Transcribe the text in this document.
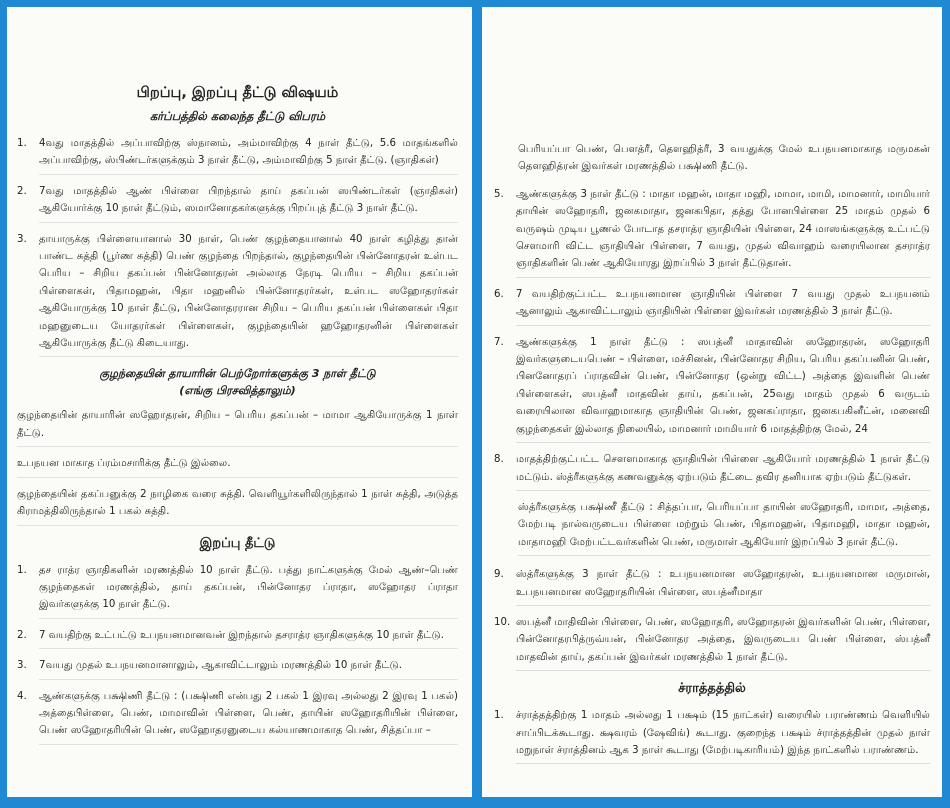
பிறப்பு, இறப்பு தீட்டு விஷயம்
கர்ப்பத்தில் கலைந்த தீட்டு விபரம்
1.	4வது மாதத்தில் அப்பாவிற்கு ஸ்நானம், அம்மாவிற்கு 4 நாள் தீட்டு, 5.6 மாதங்களில் அப்பாவிற்கு, ஸ்பிண்டர்களுக்கும் 3 நாள் தீட்டு, அம்மாவிற்கு 5 நாள் தீட்டு. (ஞாதிகள்)
2.	7வது மாதத்தில் ஆண் பிள்ளை பிறந்தால் தாய் தகப்பன் ஸபிண்டர்கள் (ஞாதிகள்) ஆகியோர்க்கு 10 நாள் தீட்டும், ஸமானோதகர்களுக்கு பிறப்புத் தீட்டு 3 நாள் தீட்டு.
3.	தாயாருக்கு பிள்ளையானால் 30 நாள், பெண் குழந்தையானால் 40 நாள் கழித்து தான் பாண்ட சுத்தி (பூர்ண சுத்தி) பெண் குழந்தை பிறந்தால், குழந்தையின் பின்னோதரன் உள்பட பெரிய – சிறிய தகப்பன் பின்னோதரன் அல்லாத நேரடி பெரிய – சிறிய தகப்பன் பிள்ளைகள், பிதாமஹன், பிதா மஹனில் பின்னோதரர்கள், உள்பட ஸஹோதரர்கள் ஆகியோருக்கு 10 நாள் தீட்டு, பின்னோதரரான சிறிய – பெரிய தகப்பன் பிள்ளைகள் பிதா மஹனுடைய யோதரர்கள் பிள்ளைகள், குழந்தையின் ஹஹோதரனின் பிள்ளைகள் ஆகியோருக்கு தீட்டு கிடையாது.
குழந்தையின் தாயாரின் பெற்றோர்களுக்கு 3 நாள் தீட்டு
(எங்கு பிரசவித்தாலும்)
குழந்தையின் தாயாரின் ஸஹோதரன், சிறிய – பெரிய தகப்பன் – மாமா ஆகியோருக்கு 1 நாள் தீட்டு.
உபநயன மாகாத ப்ரம்மசாரிக்கு தீட்டு இல்லை.
குழந்தையின் தகப்பனுக்கு 2 நாழிகை வரை சுத்தி. வெளியூர்களிலிருந்தால் 1 நாள் சுத்தி, அடுத்த கிராமத்திலிருந்தால் 1 பகல் சுத்தி.
இறப்பு தீட்டு
1.	தச ராத்ர ஞாதிகளின் மரணத்தில் 10 நாள் தீட்டு. பத்து நாட்களுக்கு மேல் ஆண்–பெண் குழந்தைகள் மரணத்தில், தாய் தகப்பன், பின்னோதர ப்ராதா, ஸஹோதர ப்ராதா இவர்களுக்கு 10 நாள் தீட்டு.
2.	7 வயதிற்கு உட்பட்டு உபநயனமானவன் இறந்தால் தசராத்ர ஞாதிகளுக்கு 10 நாள் தீட்டு.
3.	7வயது முதல் உபநயனமானாலும், ஆகாவிட்டாலும் மரணத்தில் 10 நாள் தீட்டு.
4.	ஆண்களுக்கு பக்ஷிணி தீட்டு : (பக்ஷிணி என்பது 2 பகல் 1 இரவு அல்லது 2 இரவு 1 பகல்) அத்தைபிள்ளை, பெண், மாமாவின் பிள்ளை, பெண், தாயின் ஸஹோதரியின் பிள்ளை, பெண் ஸஹோதரியின் பெண், ஸஹோதரனுடைய கல்யாணமாகாத பெண், சித்தப்பா –
பெரியப்பா பெண், பௌத்ரீ, தௌஹித்ரீ, 3 வயதுக்கு மேல் உபநயனமாகாத மருமகன் தௌஹித்ரன் இவர்கள் மரணத்தில் பக்ஷிணி தீட்டு.
5.	ஆண்களுக்கு 3 நாள் தீட்டு : மாதா மஹன், மாதா மஹி, மாமா, மாமி, மாமனார், மாமியார் தாயின் ஸஹோதரி, ஜனகமாதா, ஜனகபிதா, தத்து போனபிள்ளை 25 மாதம் முதல் 6 வருஷம் முடிய பூணல் போடாத தசராத்ர ஞாதியின் பிள்ளை, 24 மாஸங்களுக்கு உட்பட்டு சௌமாரி விட்ட ஞாதியின் பிள்ளை, 7 வயது, முதல் விவாஹம் வரையிலான தசராத்ர ஞாதிகளின் பெண் ஆகியோரது இறப்பில் 3 நாள் தீட்டுதான்.
6.	7 வயதிற்குட்பட்ட உபநயனமான ஞாதியின் பிள்ளை 7 வயது முதல் உபநயனம் ஆனாலும் ஆகாவிட்டாலும் ஞாதியின் பிள்ளை இவர்கள் மரணத்தில் 3 நாள் தீட்டு.
7.	ஆண்களுக்கு 1 நாள் தீட்டு : ஸபத்னீ மாதாவின் ஸஹோதரன், ஸஹோதரி இவர்களுடையபெண் – பிள்ளை, மச்சினன், பின்னோதர சிறிய, பெரிய தகப்பனின் பெண், பினனோதரப் ப்ராதவின் பெண், பின்னோதர (ஒன்று விட்ட) அத்தை இவளின் பெண் பிள்ளைகள், ஸபத்னீ மாதவின் தாய், தகப்பன், 25வது மாதம் முதல் 6 வருடம் வரையிலான விவாஹமாகாத ஞாதியின் பெண், ஜனகப்ராதா, ஜனகபகினீட்ன், மனைவி குழந்தைகள் இல்லாத நிலையில், மாமனார் மாமியார் 6 மாதத்திற்கு மேல், 24
8.	மாதத்திற்குட்பட்ட சௌளமாகாத ஞாதியின் பிள்ளை ஆகியோர் மரணத்தில் 1 நாள் தீட்டு மட்டும். ஸ்த்ரீகளுக்கு கணவனுக்கு ஏற்படும் தீட்டை தவிர தனியாக ஏற்படும் தீட்டுகள்.
ஸ்த்ரீகளுக்கு பக்ஷிணீ தீட்டு : சித்தப்பா, பெரியப்பா தாயின் ஸஹோதரி, மாமா, அத்தை, மேற்படி நால்வருடைய பிள்ளை மற்றும் பெண், பிதாமஹன், பிதாமஹி, மாதா மஹன், மாதாமஹி மேற்பட்டவர்களின் பெண், மருமாள் ஆகியோர் இறப்பில் 3 நாள் தீட்டு.
9.	ஸ்த்ரீகளுக்கு 3 நாள் தீட்டு : உபநயனமான ஸஹோதரன், உபநயனமான மருமான், உபநயனமான ஸஹோதரியின் பிள்ளை, ஸபத்னீமாதா
10. ஸபத்னீ மாதிவின் பிள்ளை, பெண், ஸஹோதரி, ஸஹோதரன் இவர்களின் பெண், பிள்ளை, பின்னோதரபித்ருவ்யன், பின்னோதர அத்தை, இவருடைய பெண் பிள்ளை, ஸ்பத்னீ மாதவின் தாய், தகப்பன் இவர்கள் மரணத்தில் 1 நாள் தீட்டு.
ச்ராத்தத்தில்
1.	ச்ராத்தத்திற்கு 1 மாதம் அல்லது 1 பக்ஷம் (15 நாட்கள்) வரையில் பராண்ணம் வெளியில் சாப்பிடக்கூடாது. க்ஷவரம் (ஷேவிங்) கூடாது. குறைந்த பக்ஷம் ச்ராத்தத்தின் முதல் நாள் மறுநாள் ச்ராத்தினம் ஆக 3 நாள் கூடாது (மேற்படிகாரியம்) இந்த நாட்களில் பராண்ணம்.
